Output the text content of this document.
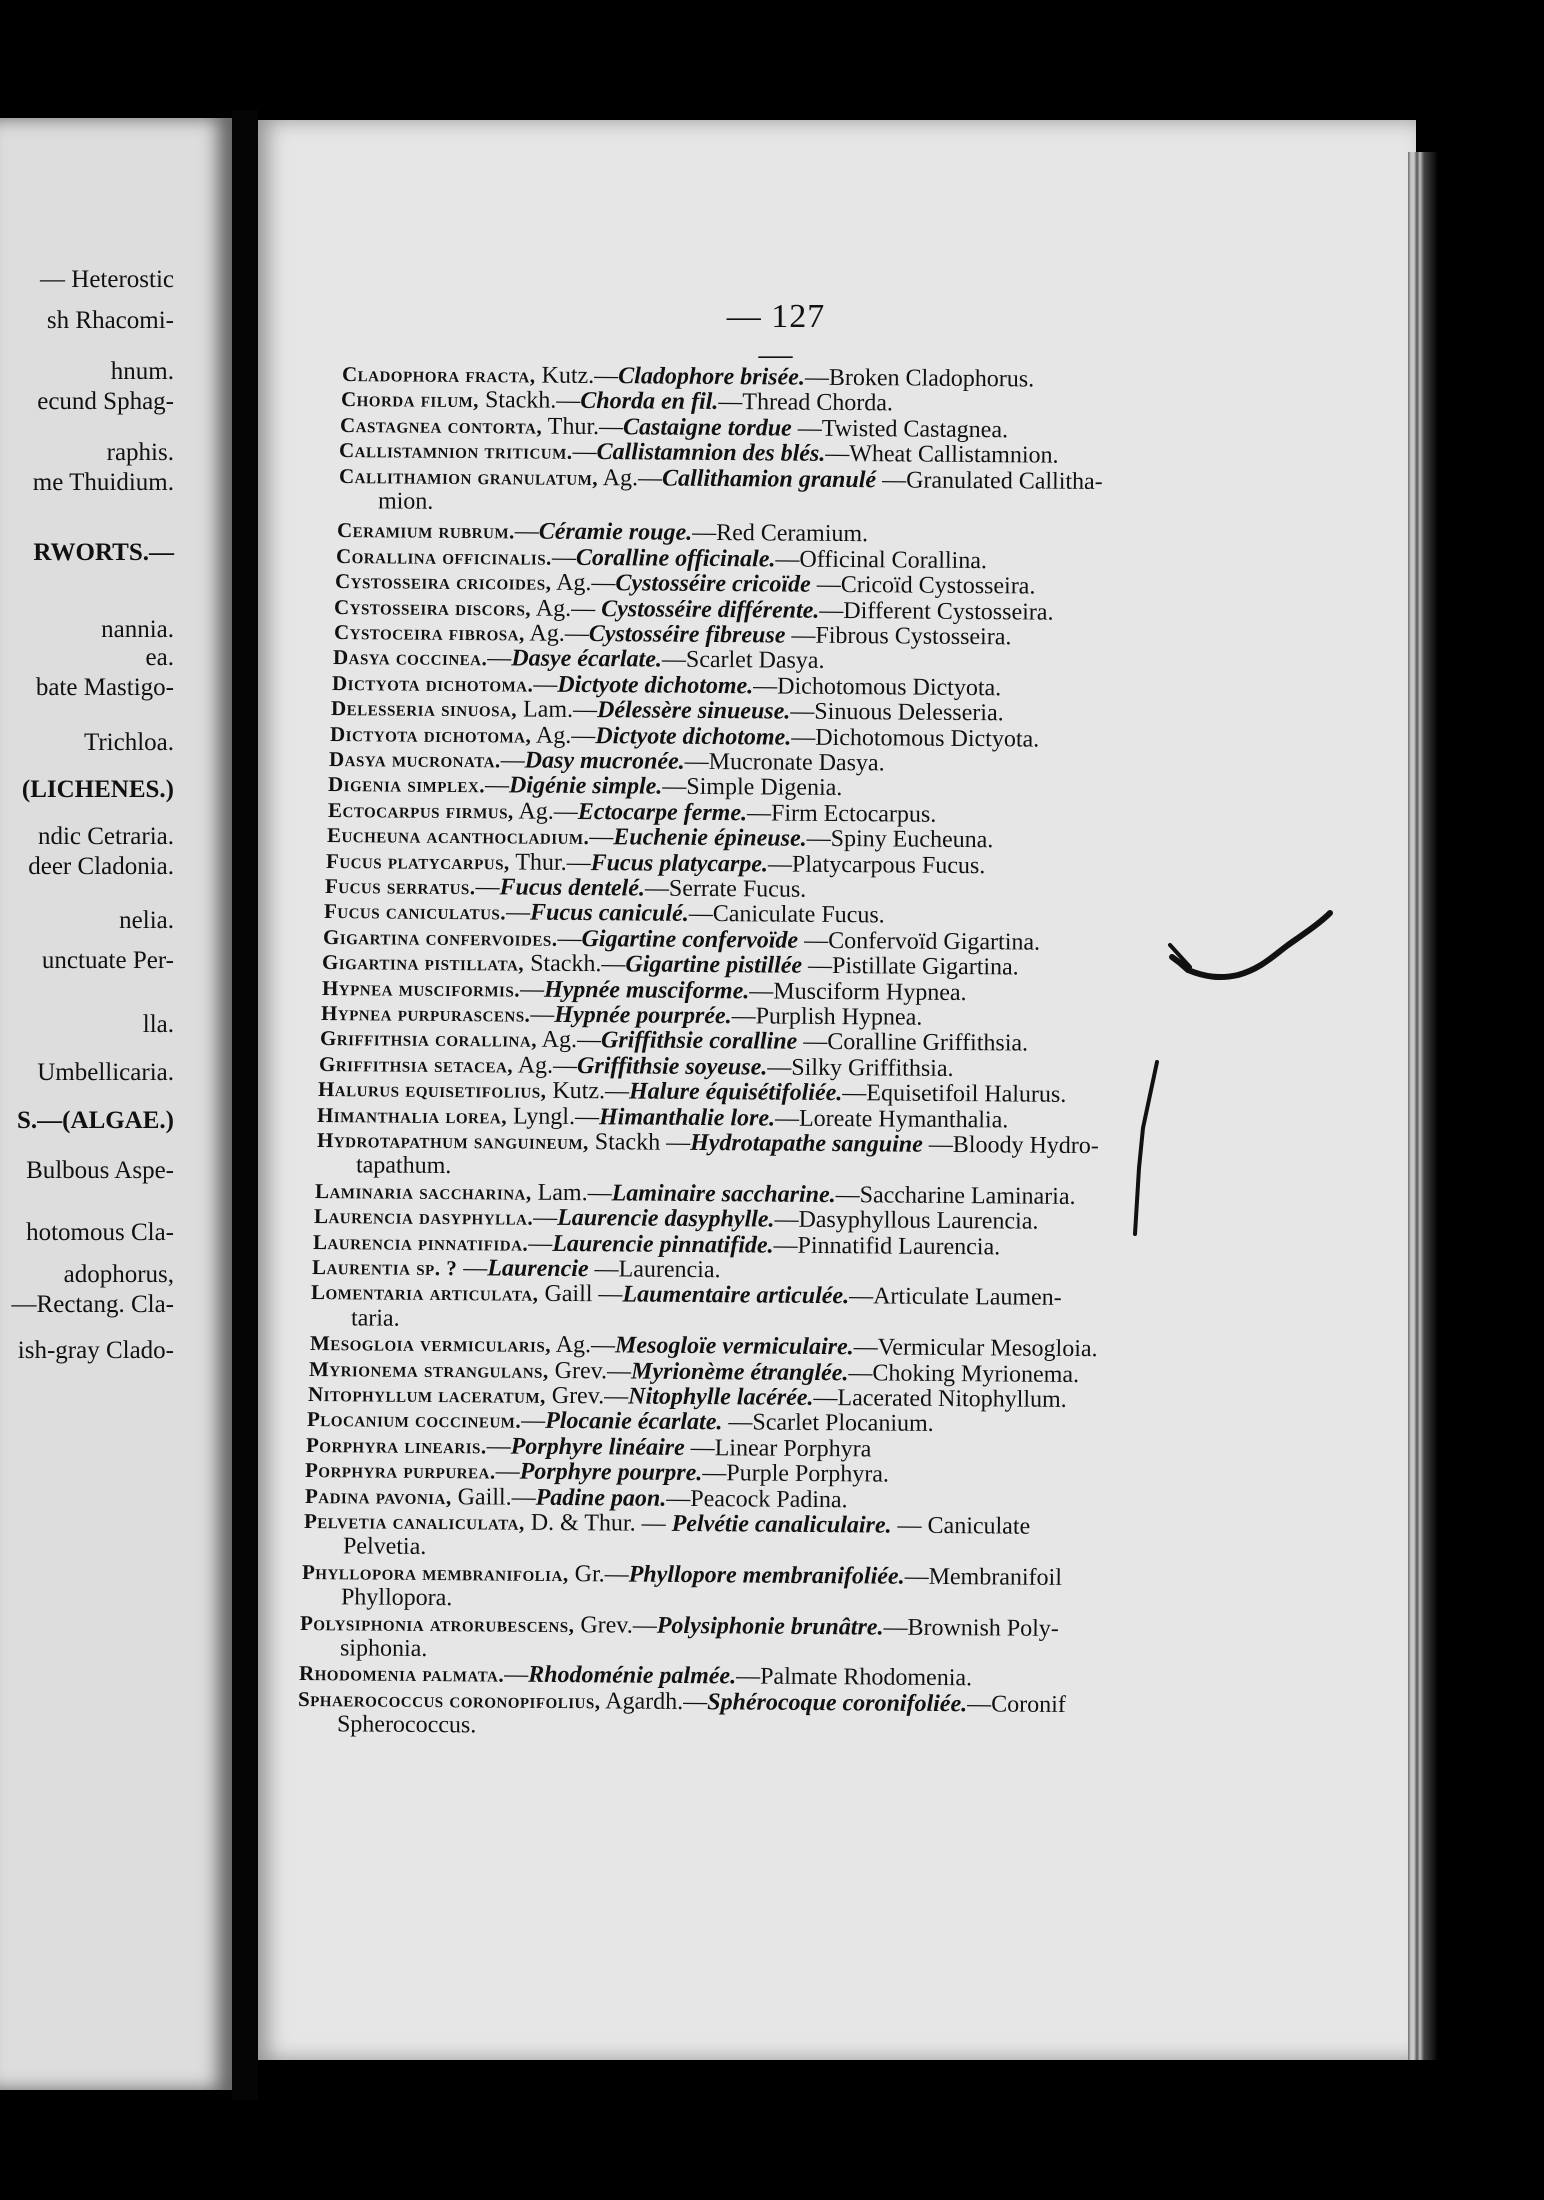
— Heterostic
sh Rhacomi-
hnum.
ecund Sphag-
raphis.
me Thuidium.
RWORTS.—
nannia.
ea.
bate Mastigo-
Trichloa.
(LICHENES.)
ndic Cetraria.
deer Cladonia.
nelia.
unctuate Per-
lla.
Umbellicaria.
S.—(ALGAE.)
Bulbous Aspe-
hotomous Cla-
adophorus,
—Rectang. Cla-
ish-gray Clado-
— 127 —
Cladophora fracta, Kutz.—Cladophore brisée.—Broken Cladophorus.
Chorda filum, Stackh.—Chorda en fil.—Thread Chorda.
Castagnea contorta, Thur.—Castaigne tordue —Twisted Castagnea.
Callistamnion triticum.—Callistamnion des blés.—Wheat Callistamnion.
Callithamion granulatum, Ag.—Callithamion granulé —Granulated Callitha-
mion.
Ceramium rubrum.—Céramie rouge.—Red Ceramium.
Corallina officinalis.—Coralline officinale.—Officinal Corallina.
Cystosseira cricoides, Ag.—Cystosséire cricoïde —Cricoïd Cystosseira.
Cystosseira discors, Ag.— Cystosséire différente.—Different Cystosseira.
Cystoceira fibrosa, Ag.—Cystosséire fibreuse —Fibrous Cystosseira.
Dasya coccinea.—Dasye écarlate.—Scarlet Dasya.
Dictyota dichotoma.—Dictyote dichotome.—Dichotomous Dictyota.
Delesseria sinuosa, Lam.—Délessère sinueuse.—Sinuous Delesseria.
Dictyota dichotoma, Ag.—Dictyote dichotome.—Dichotomous Dictyota.
Dasya mucronata.—Dasy mucronée.—Mucronate Dasya.
Digenia simplex.—Digénie simple.—Simple Digenia.
Ectocarpus firmus, Ag.—Ectocarpe ferme.—Firm Ectocarpus.
Eucheuna acanthocladium.—Euchenie épineuse.—Spiny Eucheuna.
Fucus platycarpus, Thur.—Fucus platycarpe.—Platycarpous Fucus.
Fucus serratus.—Fucus dentelé.—Serrate Fucus.
Fucus caniculatus.—Fucus caniculé.—Caniculate Fucus.
Gigartina confervoides.—Gigartine confervoïde —Confervoïd Gigartina.
Gigartina pistillata, Stackh.—Gigartine pistillée —Pistillate Gigartina.
Hypnea musciformis.—Hypnée musciforme.—Musciform Hypnea.
Hypnea purpurascens.—Hypnée pourprée.—Purplish Hypnea.
Griffithsia corallina, Ag.—Griffithsie coralline —Coralline Griffithsia.
Griffithsia setacea, Ag.—Griffithsie soyeuse.—Silky Griffithsia.
Halurus equisetifolius, Kutz.—Halure équisétifoliée.—Equisetifoil Halurus.
Himanthalia lorea, Lyngl.—Himanthalie lore.—Loreate Hymanthalia.
Hydrotapathum sanguineum, Stackh —Hydrotapathe sanguine —Bloody Hydro-
tapathum.
Laminaria saccharina, Lam.—Laminaire saccharine.—Saccharine Laminaria.
Laurencia dasyphylla.—Laurencie dasyphylle.—Dasyphyllous Laurencia.
Laurencia pinnatifida.—Laurencie pinnatifide.—Pinnatifid Laurencia.
Laurentia sp. ? —Laurencie —Laurencia.
Lomentaria articulata, Gaill —Laumentaire articulée.—Articulate Laumen-
taria.
Mesogloia vermicularis, Ag.—Mesogloïe vermiculaire.—Vermicular Mesogloia.
Myrionema strangulans, Grev.—Myrionème étranglée.—Choking Myrionema.
Nitophyllum laceratum, Grev.—Nitophylle lacérée.—Lacerated Nitophyllum.
Plocanium coccineum.—Plocanie écarlate. —Scarlet Plocanium.
Porphyra linearis.—Porphyre linéaire —Linear Porphyra
Porphyra purpurea.—Porphyre pourpre.—Purple Porphyra.
Padina pavonia, Gaill.—Padine paon.—Peacock Padina.
Pelvetia canaliculata, D. & Thur. — Pelvétie canaliculaire. — Caniculate
Pelvetia.
Phyllopora membranifolia, Gr.—Phyllopore membranifoliée.—Membranifoil
Phyllopora.
Polysiphonia atrorubescens, Grev.—Polysiphonie brunâtre.—Brownish Poly-
siphonia.
Rhodomenia palmata.—Rhodoménie palmée.—Palmate Rhodomenia.
Sphaerococcus coronopifolius, Agardh.—Sphérocoque coronifoliée.—Coronif
Spherococcus.
